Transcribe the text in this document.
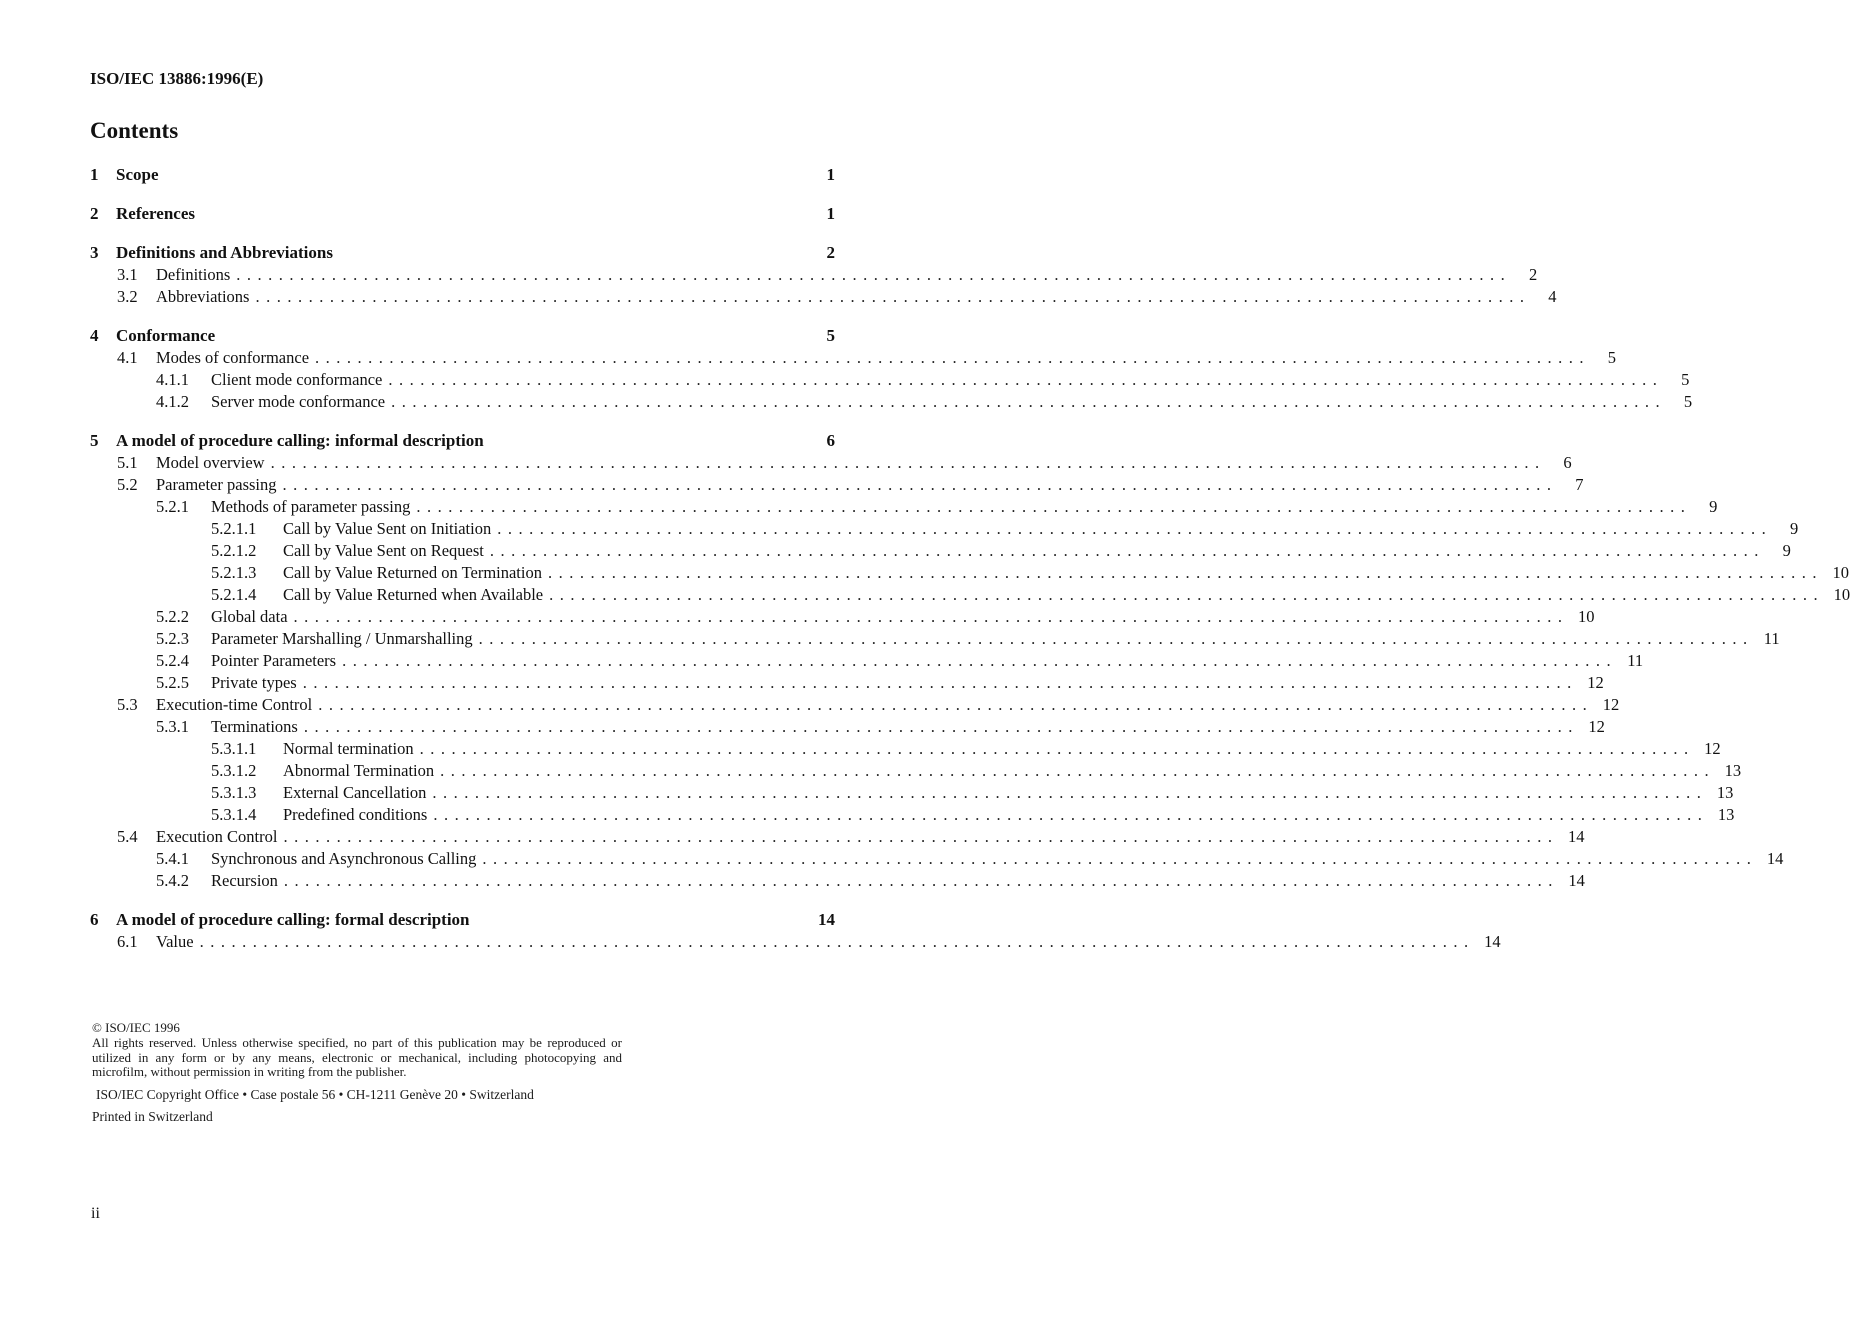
ISO/IEC 13886:1996(E)
Contents
1	Scope	1
2	References	1
3	Definitions and Abbreviations	2
3.1	Definitions ........................................................................................................................	2
3.2	Abbreviations ........................................................................................................................	4
4	Conformance	5
4.1	Modes of conformance ........................................................................................................................	5
4.1.1	Client mode conformance ........................................................................................................................	5
4.1.2	Server mode conformance ........................................................................................................................	5
5	A model of procedure calling: informal description	6
5.1	Model overview ........................................................................................................................	6
5.2	Parameter passing ........................................................................................................................	7
5.2.1	Methods of parameter passing ........................................................................................................................	9
5.2.1.1	Call by Value Sent on Initiation ........................................................................................................................	9
5.2.1.2	Call by Value Sent on Request ........................................................................................................................	9
5.2.1.3	Call by Value Returned on Termination ........................................................................................................................ 10
5.2.1.4	Call by Value Returned when Available ........................................................................................................................ 10
5.2.2	Global data ........................................................................................................................ 10
5.2.3	Parameter Marshalling / Unmarshalling ........................................................................................................................ 11
5.2.4	Pointer Parameters ........................................................................................................................ 11
5.2.5	Private types ........................................................................................................................ 12
5.3	Execution-time Control ........................................................................................................................ 12
5.3.1	Terminations ........................................................................................................................ 12
5.3.1.1	Normal termination ........................................................................................................................ 12
5.3.1.2	Abnormal Termination ........................................................................................................................ 13
5.3.1.3	External Cancellation ........................................................................................................................ 13
5.3.1.4	Predefined conditions ........................................................................................................................ 13
5.4	Execution Control ........................................................................................................................ 14
5.4.1	Synchronous and Asynchronous Calling ........................................................................................................................ 14
5.4.2	Recursion ........................................................................................................................ 14
6	A model of procedure calling: formal description	14
6.1	Value ........................................................................................................................ 14
© ISO/IEC 1996
All rights reserved. Unless otherwise specified, no part of this publication may be reproduced or utilized in any form or by any means, electronic or mechanical, including photocopying and microfilm, without permission in writing from the publisher.
ISO/IEC Copyright Office • Case postale 56 • CH-1211 Genève 20 • Switzerland
Printed in Switzerland
ii
